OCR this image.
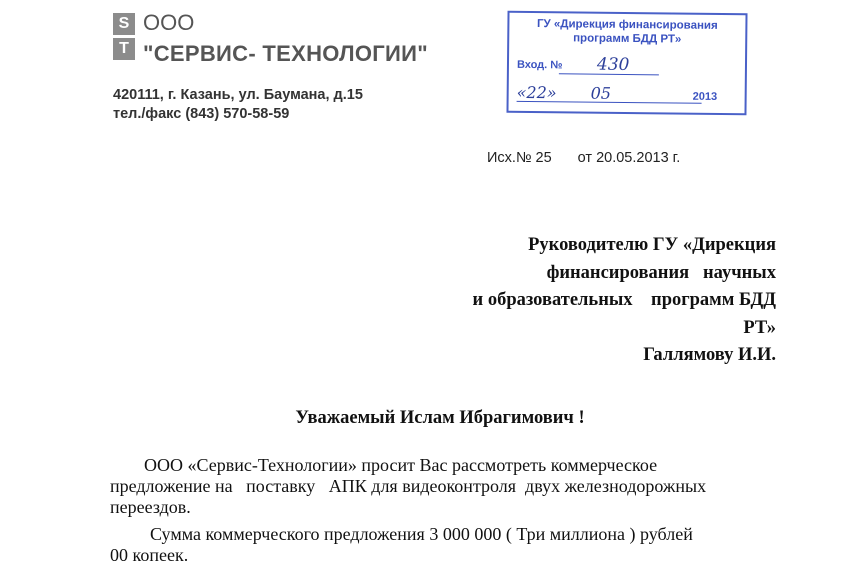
S
T
ООО
"СЕРВИС- ТЕХНОЛОГИИ"
420111, г. Казань, ул. Баумана, д.15
тел./факс (843) 570-58-59
ГУ «Дирекция финансирования
программ БДД РТ»
Вход. № 430
«22» 05	2013
Исх.№ 25 от 20.05.2013 г.
Руководителю ГУ «Дирекция
финансирования   научных
и образовательных    программ БДД
РТ»
Галлямову И.И.
Уважаемый Ислам Ибрагимович !
ООО «Сервис-Технологии» просит Вас рассмотреть коммерческое
предложение на   поставку   АПК для видеоконтроля  двух железнодорожных
переездов.
Сумма коммерческого предложения 3 000 000 ( Три миллиона ) рублей
00 копеек.
